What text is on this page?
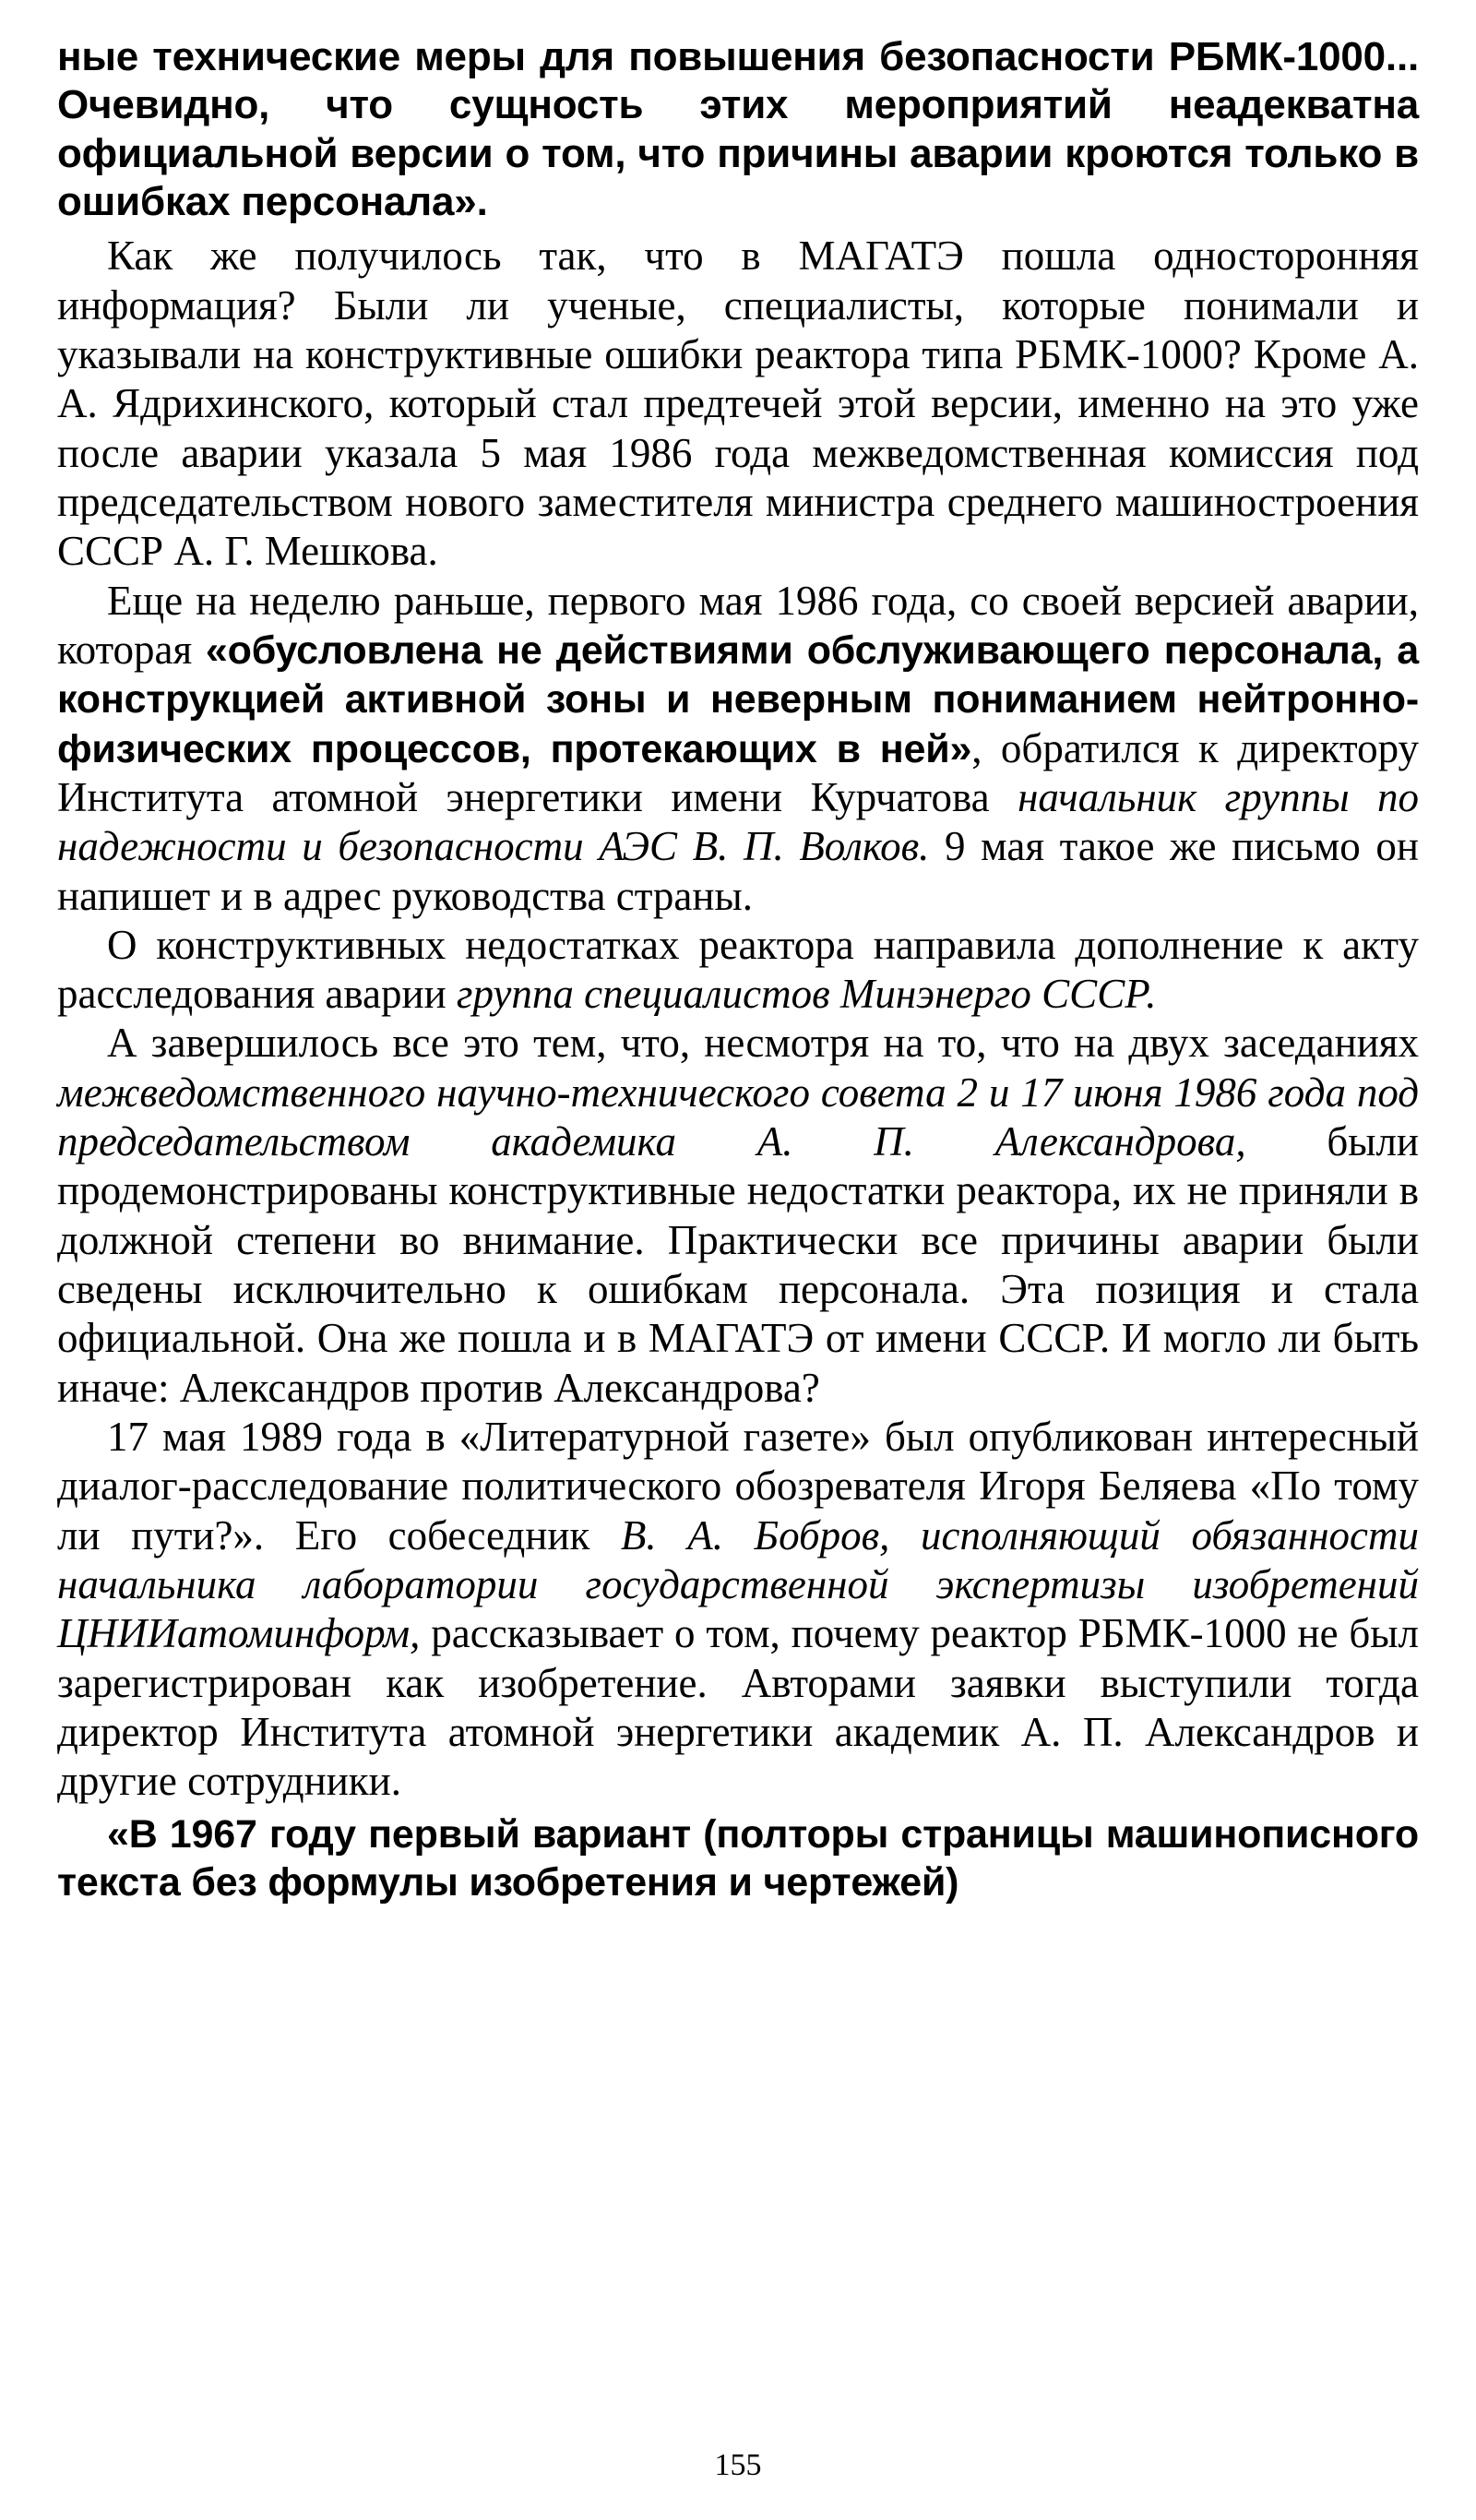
ные технические меры для повышения безопасности РБМК-1000... Очевидно, что сущность этих мероприятий неадекватна официальной версии о том, что причины аварии кроются только в ошибках персонала».

Как же получилось так, что в МАГАТЭ пошла односторонняя информация? Были ли ученые, специалисты, которые понимали и указывали на конструктивные ошибки реактора типа РБМК-1000? Кроме А. А. Ядрихинского, который стал предтечей этой версии, именно на это уже после аварии указала 5 мая 1986 года межведомственная комиссия под председательством нового заместителя министра среднего машиностроения СССР А. Г. Мешкова.

Еще на неделю раньше, первого мая 1986 года, со своей версией аварии, которая «обусловлена не действиями обслуживающего персонала, а конструкцией активной зоны и неверным пониманием нейтронно-физических процессов, протекающих в ней», обратился к директору Института атомной энергетики имени Курчатова начальник группы по надежности и безопасности АЭС В. П. Волков. 9 мая такое же письмо он напишет и в адрес руководства страны.
О конструктивных недостатках реактора направила дополнение к акту расследования аварии группа специалистов Минэнерго СССР.
А завершилось все это тем, что, несмотря на то, что на двух заседаниях межведомственного научно-технического совета 2 и 17 июня 1986 года под председательством академика А. П. Александрова, были продемонстрированы конструктивные недостатки реактора, их не приняли в должной степени во внимание. Практически все причины аварии были сведены исключительно к ошибкам персонала. Эта позиция и стала официальной. Она же пошла и в МАГАТЭ от имени СССР. И могло ли быть иначе: Александров против Александрова?
17 мая 1989 года в «Литературной газете» был опубликован интересный диалог-расследование политического обозревателя Игоря Беляева «По тому ли пути?». Его собеседник В. А. Бобров, исполняющий обязанности начальника лаборатории государственной экспертизы изобретений ЦНИИатоминформ, рассказывает о том, почему реактор РБМК-1000 не был зарегистрирован как изобретение. Авторами заявки выступили тогда директор Института атомной энергетики академик А. П. Александров и другие сотрудники.
«В 1967 году первый вариант (полторы страницы машинописного текста без формулы изобретения и чертежей)
155
